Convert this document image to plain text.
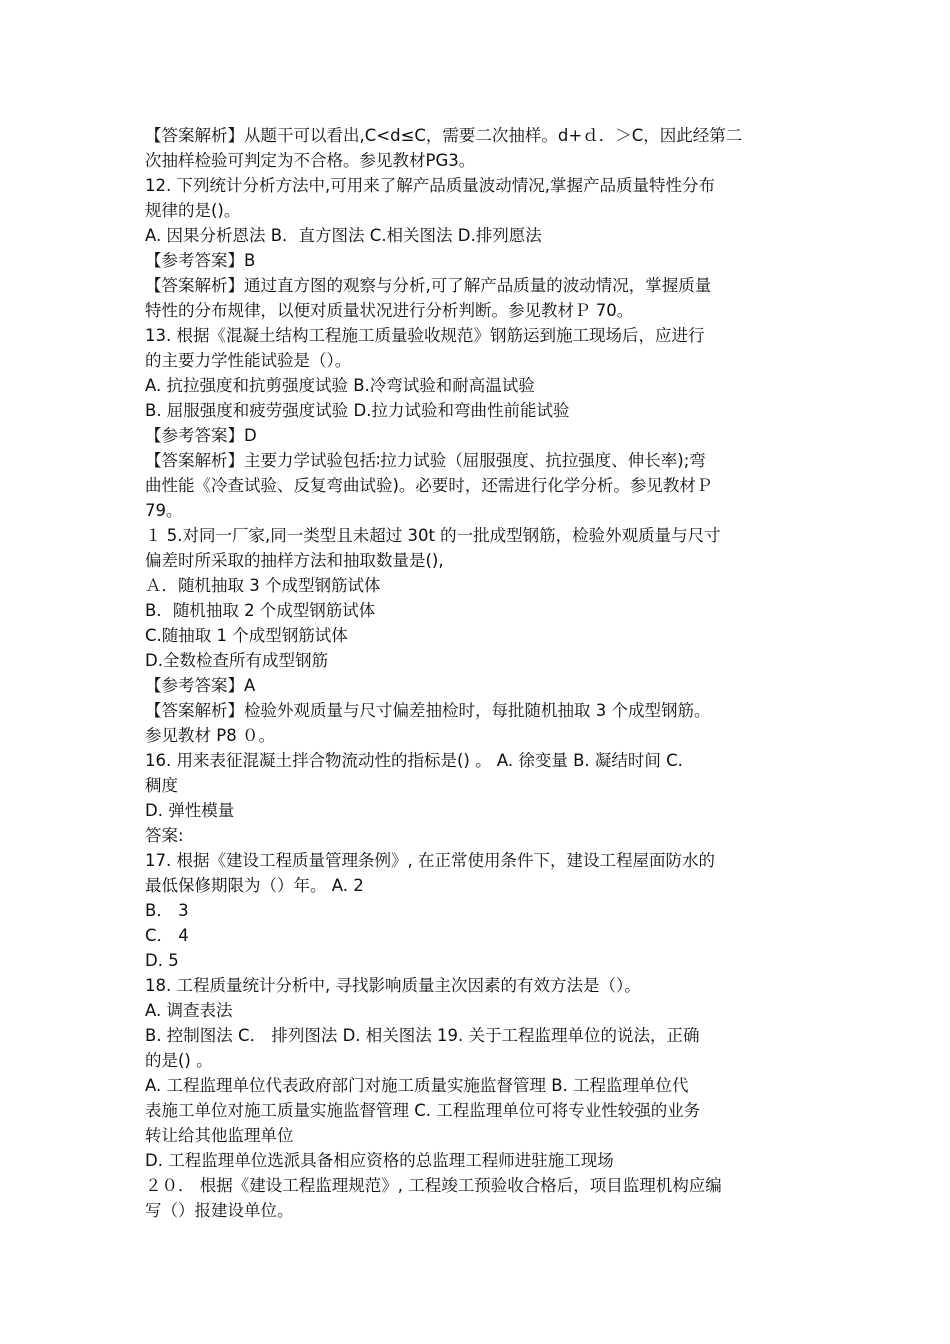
【答案解析】从题干可以看出,C<d≤C，需要二次抽样。d+ｄ．＞C，因此经第二
次抽样检验可判定为不合格。参见教材PG3。
12. 下列统计分析方法中,可用来了解产品质量波动情况,掌握产品质量特性分布
规律的是()。
A. 因果分析恩法 B．直方图法 C.相关图法 D.排列愿法
【参考答案】B
【答案解析】通过直方图的观察与分析,可了解产品质量的波动情况，掌握质量
特性的分布规律，以便对质量状况进行分析判断。参见教材Ｐ 70。
13. 根据《混凝土结构工程施工质量验收规范》钢筋运到施工现场后，应进行
的主要力学性能试验是（）。
A. 抗拉强度和抗剪强度试验 B.冷弯试验和耐高温试验
B. 屈服强度和疲劳强度试验 D.拉力试验和弯曲性前能试验
【参考答案】D
【答案解析】主要力学试验包括∶拉力试验（屈服强度、抗拉强度、伸长率);弯
曲性能《冷查试验、反复弯曲试验)。必要时，还需进行化学分析。参见教材Ｐ
79。
１ 5.对同一厂家,同一类型且未超过 30t 的一批成型钢筋，检验外观质量与尺寸
偏差时所采取的抽样方法和抽取数量是(),
Ａ．随机抽取 3 个成型钢筋试体
B．随机抽取 2 个成型钢筋试体
C.随抽取 1 个成型钢筋试体
D.全数检查所有成型钢筋
【参考答案】A
【答案解析】检验外观质量与尺寸偏差抽检时，每批随机抽取 3 个成型钢筋。
参见教材 P8 ０。
16. 用来表征混凝土拌合物流动性的指标是() 。 A. 徐变量 B. 凝结时间 C.
稠度
D. 弹性模量
答案:
17. 根据《建设工程质量管理条例》, 在正常使用条件下，建设工程屋面防水的
最低保修期限为（）年。 A. 2
B． 3
C． 4
D. 5
18. 工程质量统计分析中, 寻找影响质量主次因素的有效方法是（）。
A. 调查表法
B. 控制图法 C． 排列图法 D. 相关图法 19. 关于工程监理单位的说法，正确
的是() 。
A. 工程监理单位代表政府部门对施工质量实施监督管理 B. 工程监理单位代
表施工单位对施工质量实施监督管理 C. 工程监理单位可将专业性较强的业务
转让给其他监理单位
D. 工程监理单位选派具备相应资格的总监理工程师进驻施工现场
２０． 根据《建设工程监理规范》, 工程竣工预验收合格后，项目监理机构应编
写（）报建设单位。
